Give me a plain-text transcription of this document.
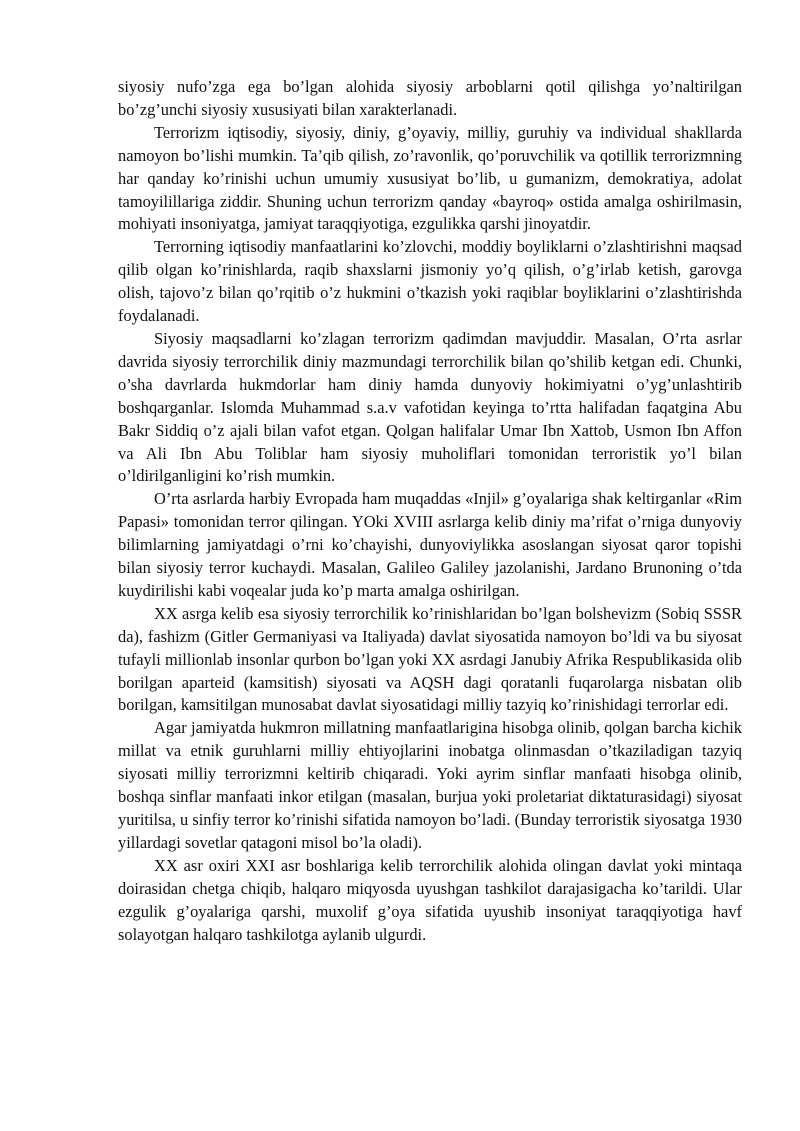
siyosiy nufo’zga ega bo’lgan alohida siyosiy arboblarni qotil qilishga yo’naltirilgan bo’zg’unchi siyosiy xususiyati bilan xarakterlanadi.

Terrorizm iqtisodiy, siyosiy, diniy, g’oyaviy, milliy, guruhiy va individual shakllarda namoyon bo’lishi mumkin. Ta’qib qilish, zo’ravonlik, qo’poruvchilik va qotillik terrorizmning har qanday ko’rinishi uchun umumiy xususiyat bo’lib, u gumanizm, demokratiya, adolat tamoyilillariga ziddir. Shuning uchun terrorizm qanday «bayroq» ostida amalga oshirilmasin, mohiyati insoniyatga, jamiyat taraqqiyotiga, ezgulikka qarshi jinoyatdir.

Terrorning iqtisodiy manfaatlarini ko’zlovchi, moddiy boyliklarni o’zlashtirishni maqsad qilib olgan ko’rinishlarda, raqib shaxslarni jismoniy yo’q qilish, o’g’irlab ketish, garovga olish, tajovo’z bilan qo’rqitib o’z hukmini o’tkazish yoki raqiblar boyliklarini o’zlashtirishda foydalanadi.

Siyosiy maqsadlarni ko’zlagan terrorizm qadimdan mavjuddir. Masalan, O’rta asrlar davrida siyosiy terrorchilik diniy mazmundagi terrorchilik bilan qo’shilib ketgan edi. Chunki, o’sha davrlarda hukmdorlar ham diniy hamda dunyoviy hokimiyatni o’yg’unlashtirib boshqarganlar. Islomda Muhammad s.a.v vafotidan keyinga to’rtta halifadan faqatgina Abu Bakr Siddiq o’z ajali bilan vafot etgan. Qolgan halifalar Umar Ibn Xattob, Usmon Ibn Affon va Ali Ibn Abu Toliblar ham siyosiy muholiflari tomonidan terroristik yo’l bilan o’ldirilganligini ko’rish mumkin.

O’rta asrlarda harbiy Evropada ham muqaddas «Injil» g’oyalariga shak keltirganlar «Rim Papasi» tomonidan terror qilingan. YOki XVIII asrlarga kelib diniy ma’rifat o’rniga dunyoviy bilimlarning jamiyatdagi o’rni ko’chayishi, dunyoviylikka asoslangan siyosat qaror topishi bilan siyosiy terror kuchaydi. Masalan, Galileo Galiley jazolanishi, Jardano Brunoning o’tda kuydirilishi kabi voqealar juda ko’p marta amalga oshirilgan.

XX asrga kelib esa siyosiy terrorchilik ko’rinishlaridan bo’lgan bolshevizm (Sobiq SSSR da), fashizm (Gitler Germaniyasi va Italiyada) davlat siyosatida namoyon bo’ldi va bu siyosat tufayli millionlab insonlar qurbon bo’lgan yoki XX asrdagi Janubiy Afrika Respublikasida olib borilgan aparteid (kamsitish) siyosati va AQSH dagi qoratanli fuqarolarga nisbatan olib borilgan, kamsitilgan munosabat davlat siyosatidagi milliy tazyiq ko’rinishidagi terrorlar edi.

Agar jamiyatda hukmron millatning manfaatlarigina hisobga olinib, qolgan barcha kichik millat va etnik guruhlarni milliy ehtiyojlarini inobatga olinmasdan o’tkaziladigan tazyiq siyosati milliy terrorizmni keltirib chiqaradi. Yoki ayrim sinflar manfaati hisobga olinib, boshqa sinflar manfaati inkor etilgan (masalan, burjua yoki proletariat diktaturasidagi) siyosat yuritilsa, u sinfiy terror ko’rinishi sifatida namoyon bo’ladi. (Bunday terroristik siyosatga 1930 yillardagi sovetlar qatagoni misol bo’la oladi).

XX asr oxiri XXI asr boshlariga kelib terrorchilik alohida olingan davlat yoki mintaqa doirasidan chetga chiqib, halqaro miqyosda uyushgan tashkilot darajasigacha ko’tarildi. Ular ezgulik g’oyalariga qarshi, muxolif g’oya sifatida uyushib insoniyat taraqqiyotiga havf solayotgan halqaro tashkilotga aylanib ulgurdi.
